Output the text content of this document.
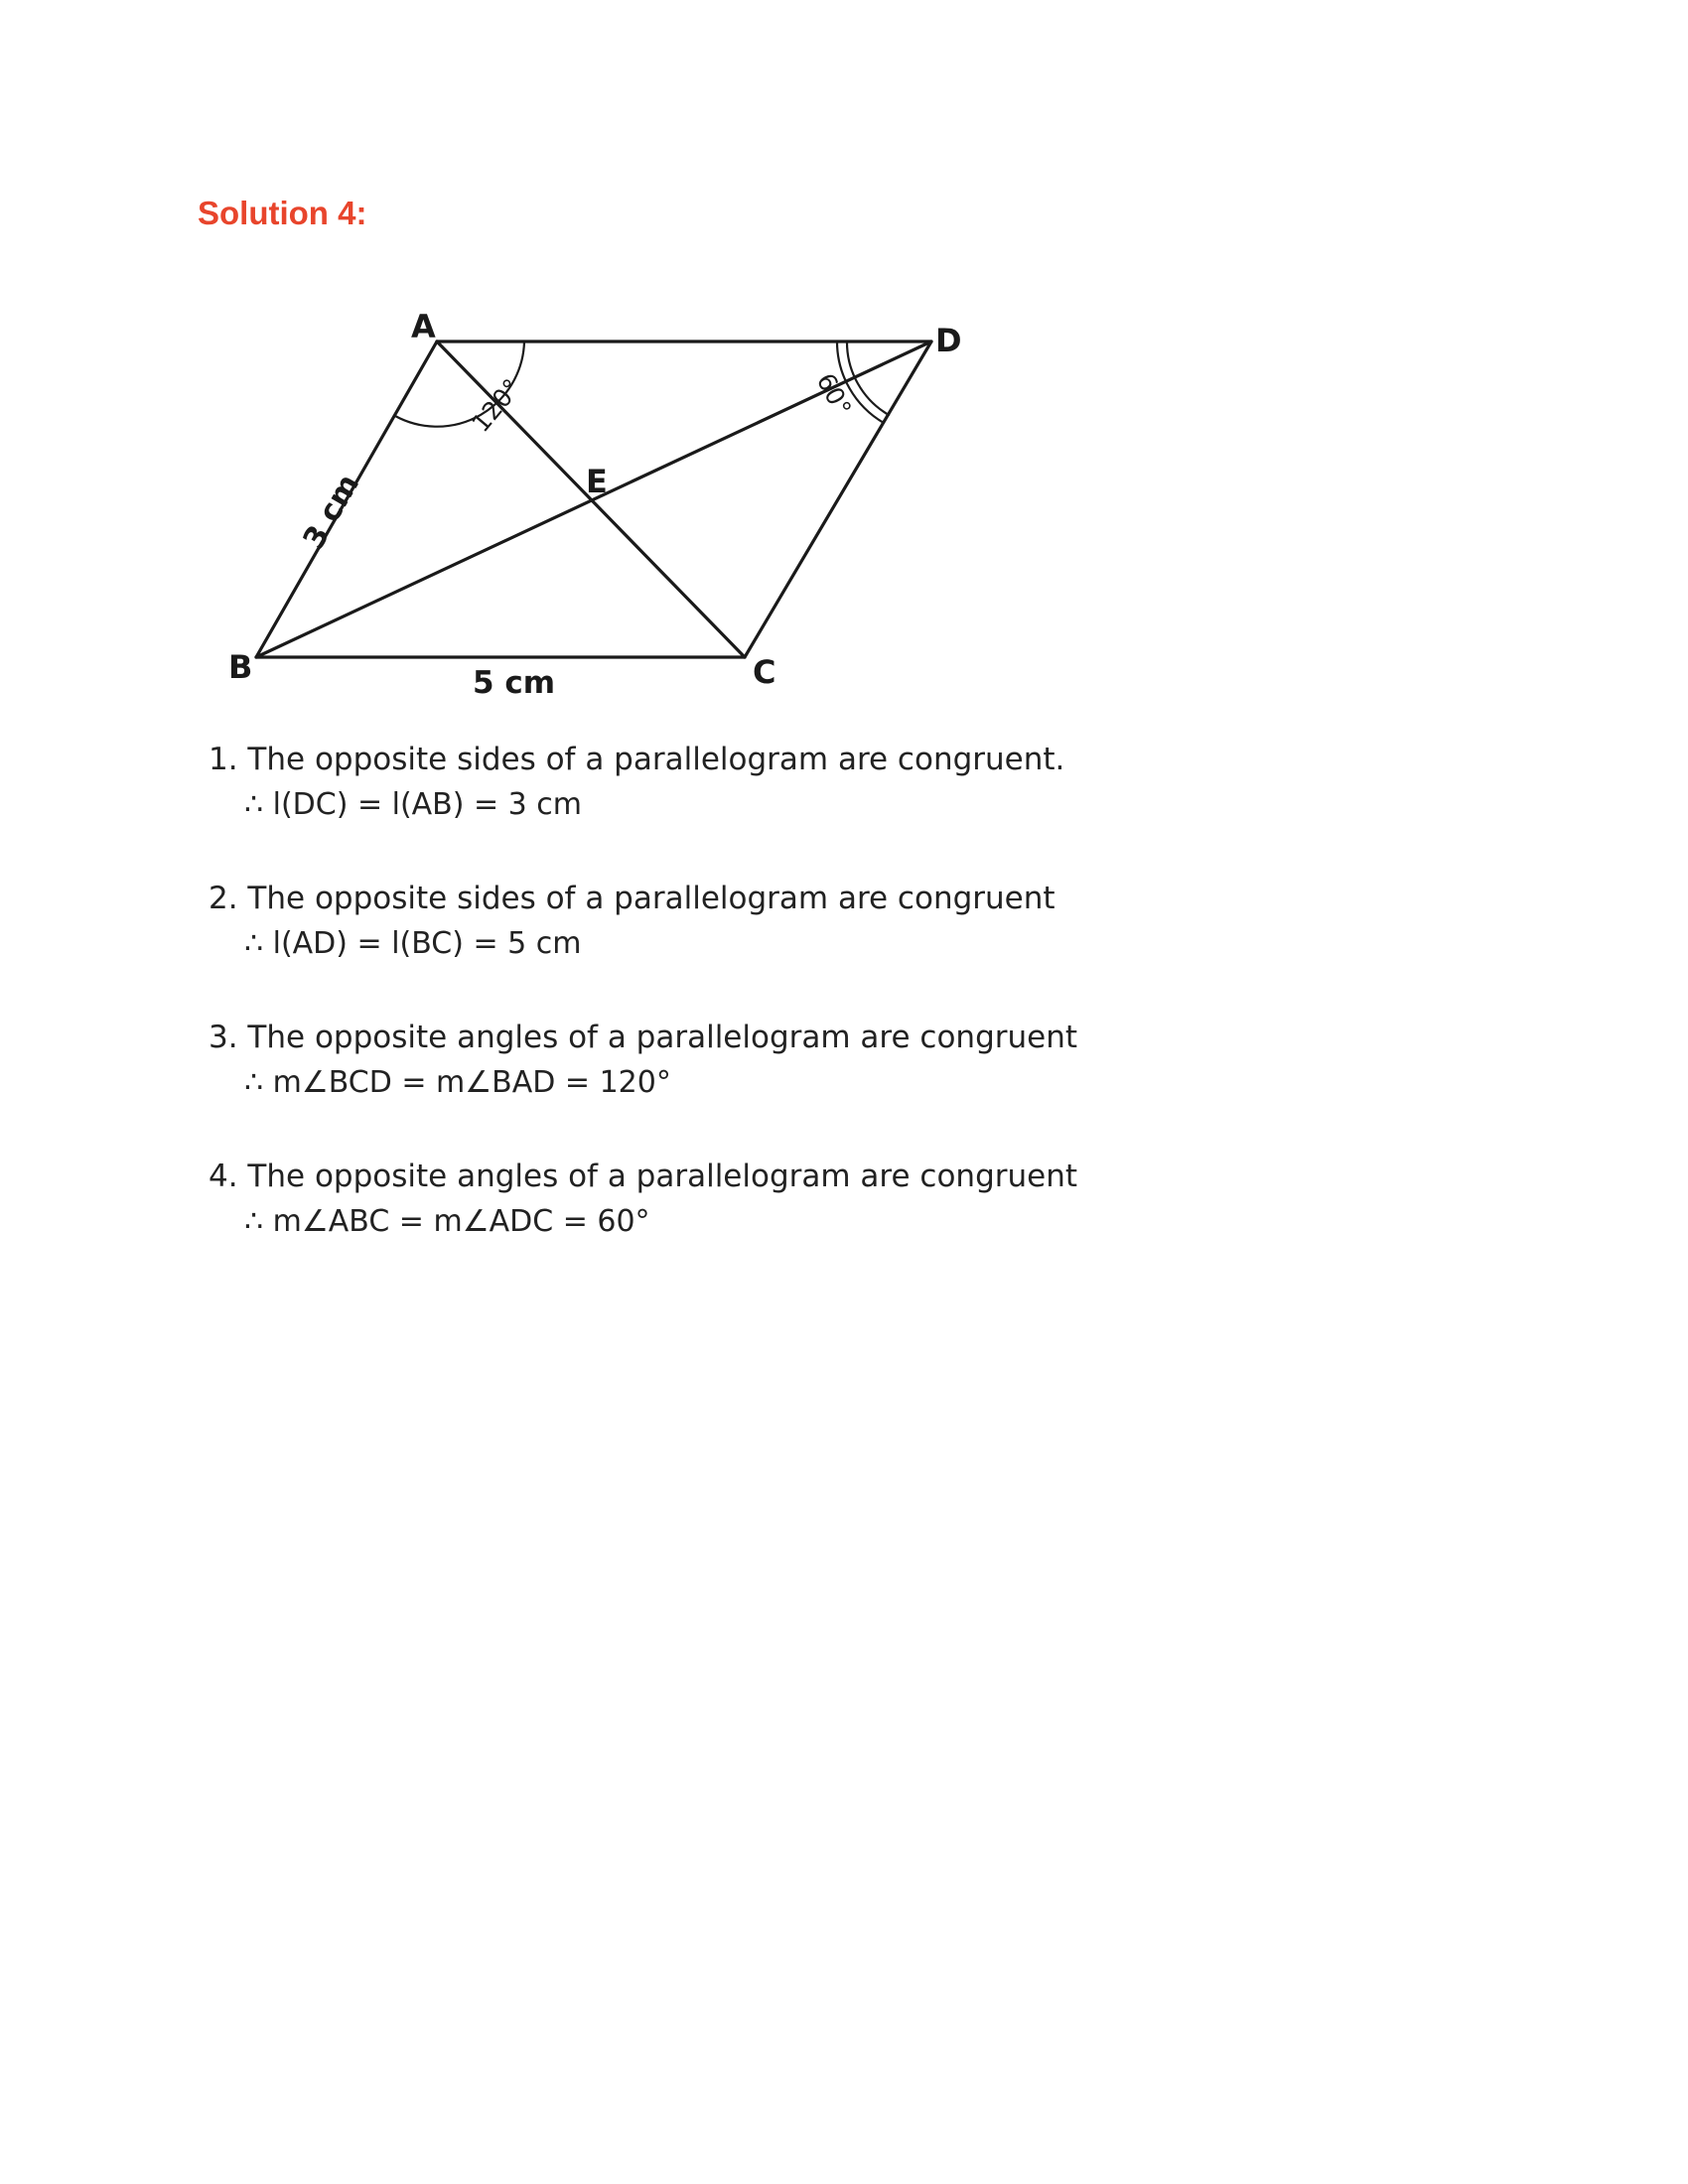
Solution 4:
A
B	C
D
E
3 cm
5 cm
120°	60°
1. The opposite sides of a parallelogram are congruent.
∴ l(DC) = l(AB) = 3 cm
2. The opposite sides of a parallelogram are congruent
∴ l(AD) = l(BC) = 5 cm
3. The opposite angles of a parallelogram are congruent
∴ m∠BCD = m∠BAD = 120°
4. The opposite angles of a parallelogram are congruent
∴ m∠ABC = m∠ADC = 60°
